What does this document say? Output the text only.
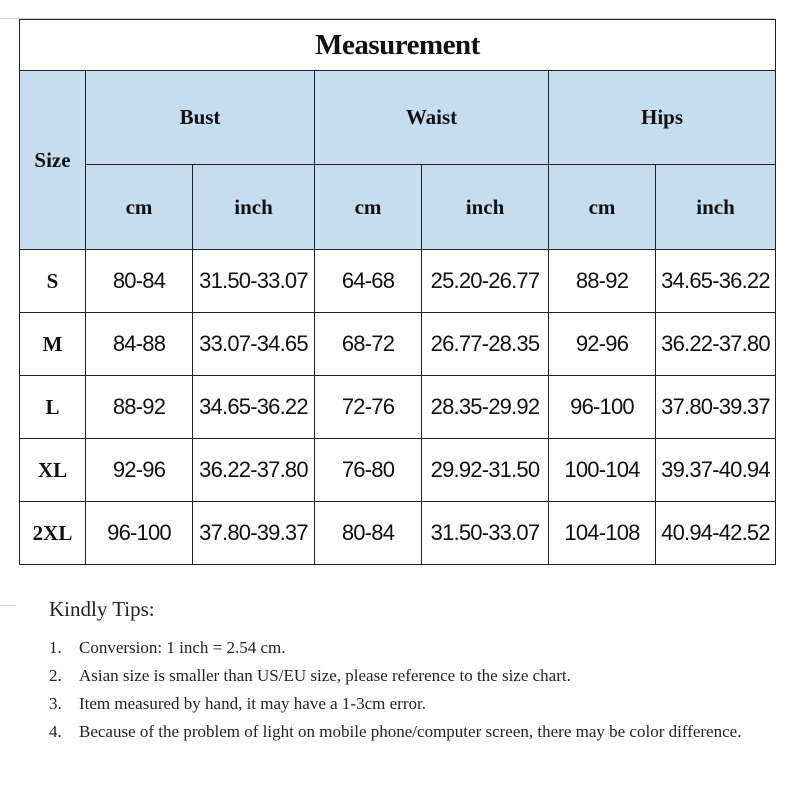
Measurement						
Size	Bust		Waist		Hips	
	cm	inch	cm	inch	cm	inch
S	80-84	31.50-33.07	64-68	25.20-26.77	88-92	34.65-36.22
M	84-88	33.07-34.65	68-72	26.77-28.35	92-96	36.22-37.80
L	88-92	34.65-36.22	72-76	28.35-29.92	96-100	37.80-39.37
XL	92-96	36.22-37.80	76-80	29.92-31.50	100-104	39.37-40.94
2XL	96-100	37.80-39.37	80-84	31.50-33.07	104-108	40.94-42.52
Kindly Tips:
1. Conversion: 1 inch = 2.54 cm.
2. Asian size is smaller than US/EU size, please reference to the size chart.
3. Item measured by hand, it may have a 1-3cm error.
4. Because of the problem of light on mobile phone/computer screen, there may be color difference.
